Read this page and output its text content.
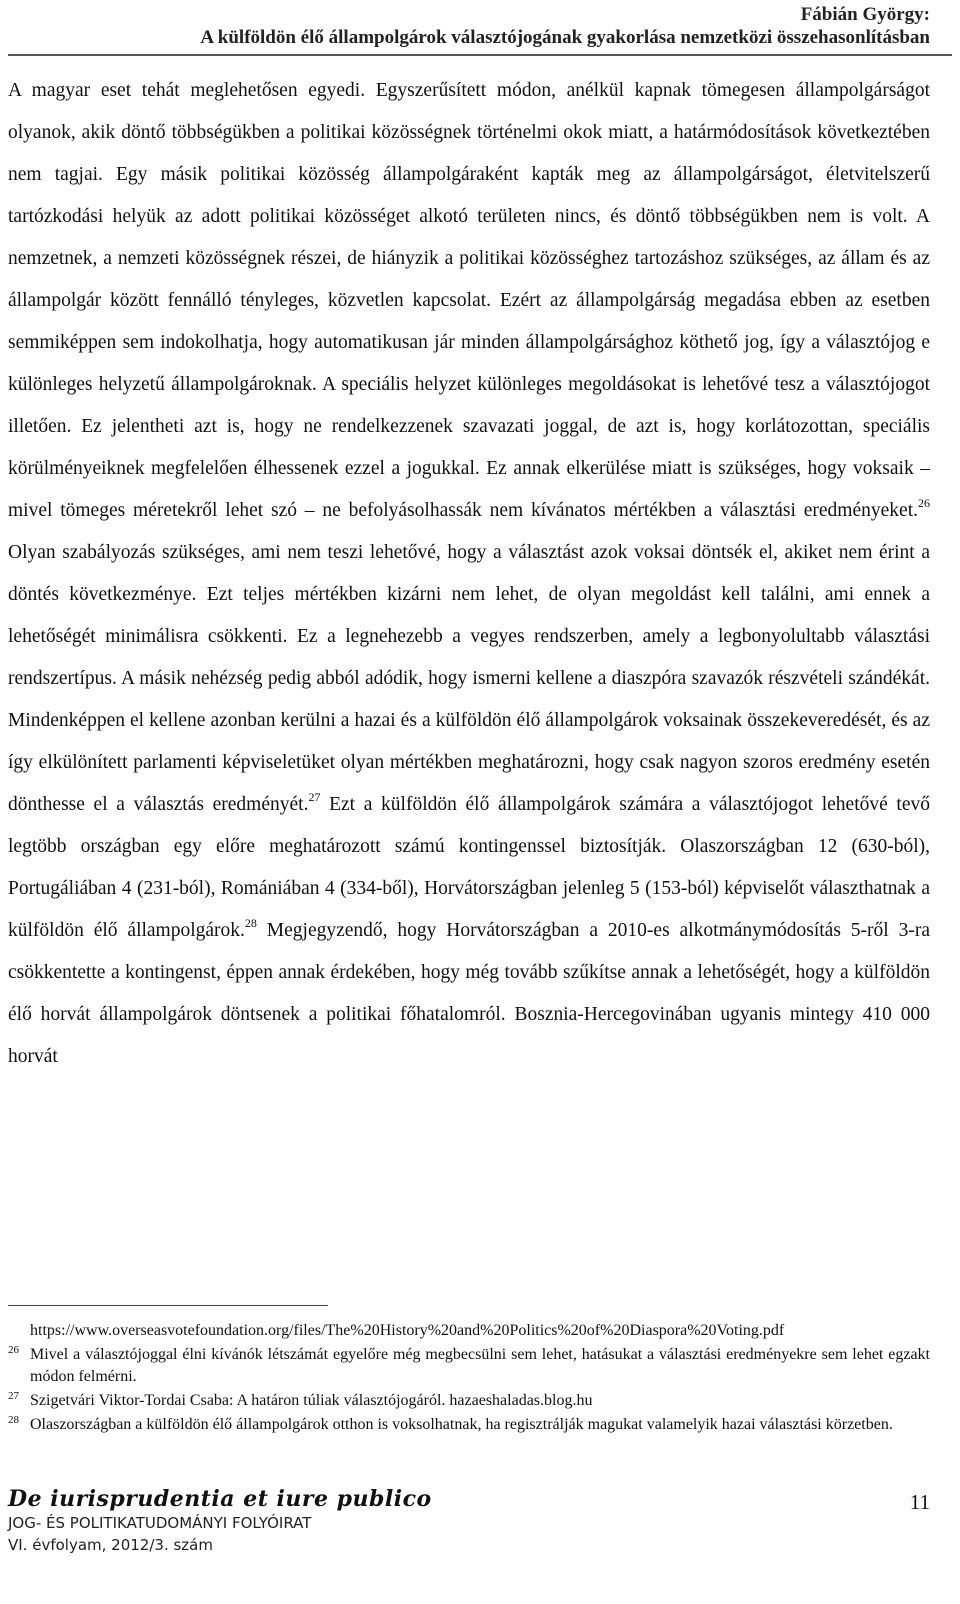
Fábián György:
A külföldön élő állampolgárok választójogának gyakorlása nemzetközi összehasonlításban

A magyar eset tehát meglehetősen egyedi. Egyszerűsített módon, anélkül kapnak tömegesen állampolgárságot olyanok, akik döntő többségükben a politikai közösségnek történelmi okok miatt, a határmódosítások következtében nem tagjai. Egy másik politikai közösség állampolgáraként kapták meg az állampolgárságot, életvitelszerű tartózkodási helyük az adott politikai közösséget alkotó területen nincs, és döntő többségükben nem is volt. A nemzetnek, a nemzeti közösségnek részei, de hiányzik a politikai közösséghez tartozáshoz szükséges, az állam és az állampolgár között fennálló tényleges, közvetlen kapcsolat. Ezért az állampolgárság megadása ebben az esetben semmiképpen sem indokolhatja, hogy automatikusan jár minden állampolgársághoz köthető jog, így a választójog e különleges helyzetű állampolgároknak. A speciális helyzet különleges megoldásokat is lehetővé tesz a választójogot illetően. Ez jelentheti azt is, hogy ne rendelkezzenek szavazati joggal, de azt is, hogy korlátozottan, speciális körülményeiknek megfelelően élhessenek ezzel a jogukkal. Ez annak elkerülése miatt is szükséges, hogy voksaik – mivel tömeges méretekről lehet szó – ne befolyásolhassák nem kívánatos mértékben a választási eredményeket.$^{26}$ Olyan szabályozás szükséges, ami nem teszi lehetővé, hogy a választást azok voksai döntsék el, akiket nem érint a döntés következménye. Ezt teljes mértékben kizárni nem lehet, de olyan megoldást kell találni, ami ennek a lehetőségét minimálisra csökkenti. Ez a legnehezebb a vegyes rendszerben, amely a legbonyolultabb választási rendszertípus. A másik nehézség pedig abból adódik, hogy ismerni kellene a diaszpóra szavazók részvételi szándékát. Mindenképpen el kellene azonban kerülni a hazai és a külföldön élő állampolgárok voksainak összekeveredését, és az így elkülönített parlamenti képviseletüket olyan mértékben meghatározni, hogy csak nagyon szoros eredmény esetén dönthesse el a választás eredményét.$^{27}$ Ezt a külföldön élő állampolgárok számára a választójogot lehetővé tevő legtöbb országban egy előre meghatározott számú kontingenssel biztosítják. Olaszországban 12 (630-ból), Portugáliában 4 (231-ból), Romániában 4 (334-ből), Horvátországban jelenleg 5 (153-ból) képviselőt választhatnak a külföldön élő állampolgárok.$^{28}$ Megjegyzendő, hogy Horvátországban a 2010-es alkotmánymódosítás 5-ről 3-ra csökkentette a kontingenst, éppen annak érdekében, hogy még tovább szűkítse annak a lehetőségét, hogy a külföldön élő horvát állampolgárok döntsenek a politikai főhatalomról. Bosznia-Hercegovinában ugyanis mintegy 410 000 horvát

https://www.overseasvotefoundation.org/files/The%20History%20and%20Politics%20of%20Diaspora%20Voting.pdf
26 Mivel a választójoggal élni kívánók létszámát egyelőre még megbecsülni sem lehet, hatásukat a választási eredményekre sem lehet egzakt módon felmérni.
27 Szigetvári Viktor-Tordai Csaba: A határon túliak választójogáról. hazaeshaladas.blog.hu
28 Olaszországban a külföldön élő állampolgárok otthon is voksolhatnak, ha regisztrálják magukat valamelyik hazai választási körzetben.
De iurisprudentia et iure publico
JOG- ÉS POLITIKATUDOMÁNYI FOLYÓIRAT
VI. évfolyam, 2012/3. szám
11
